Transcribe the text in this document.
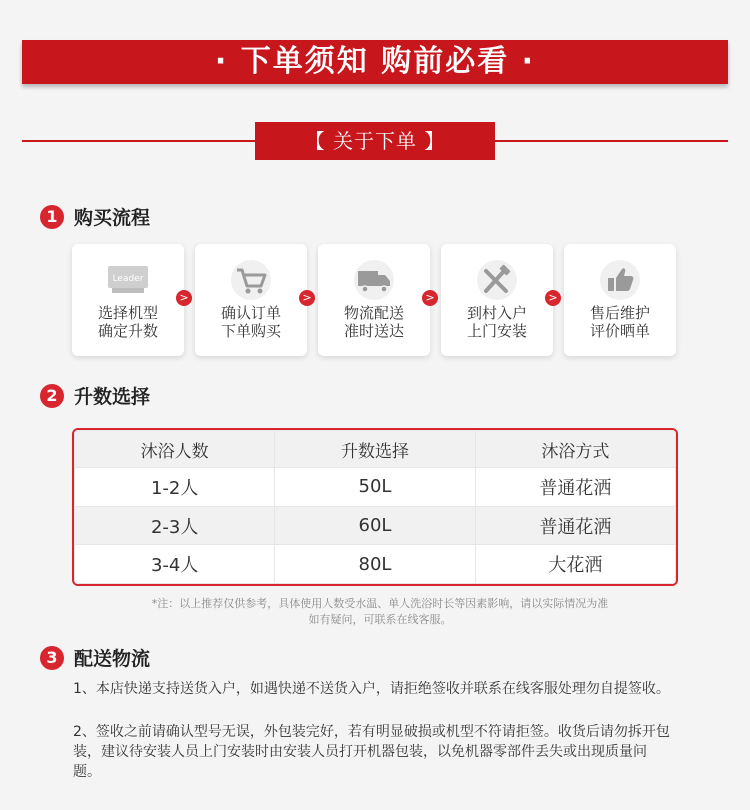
· 下单须知 购前必看 ·
【 关于下单 】
1 购买流程
Leader
选择机型
确定升数
>
确认订单
下单购买
>
物流配送
准时送达
>
到村入户
上门安装
>
售后维护
评价晒单
2 升数选择
沐浴人数	升数选择	沐浴方式
1-2人	50L	普通花洒
2-3人	60L	普通花洒
3-4人	80L	大花洒
*注：以上推荐仅供参考，具体使用人数受水温、单人洗浴时长等因素影响，请以实际情况为准
如有疑问，可联系在线客服。
3 配送物流
1、本店快递支持送货入户，如遇快递不送货入户，请拒绝签收并联系在线客服处理勿自提签收。
2、签收之前请确认型号无误，外包装完好，若有明显破损或机型不符请拒签。收货后请勿拆开包装，建议待安装人员上门安装时由安装人员打开机器包装，以免机器零部件丢失或出现质量问题。
